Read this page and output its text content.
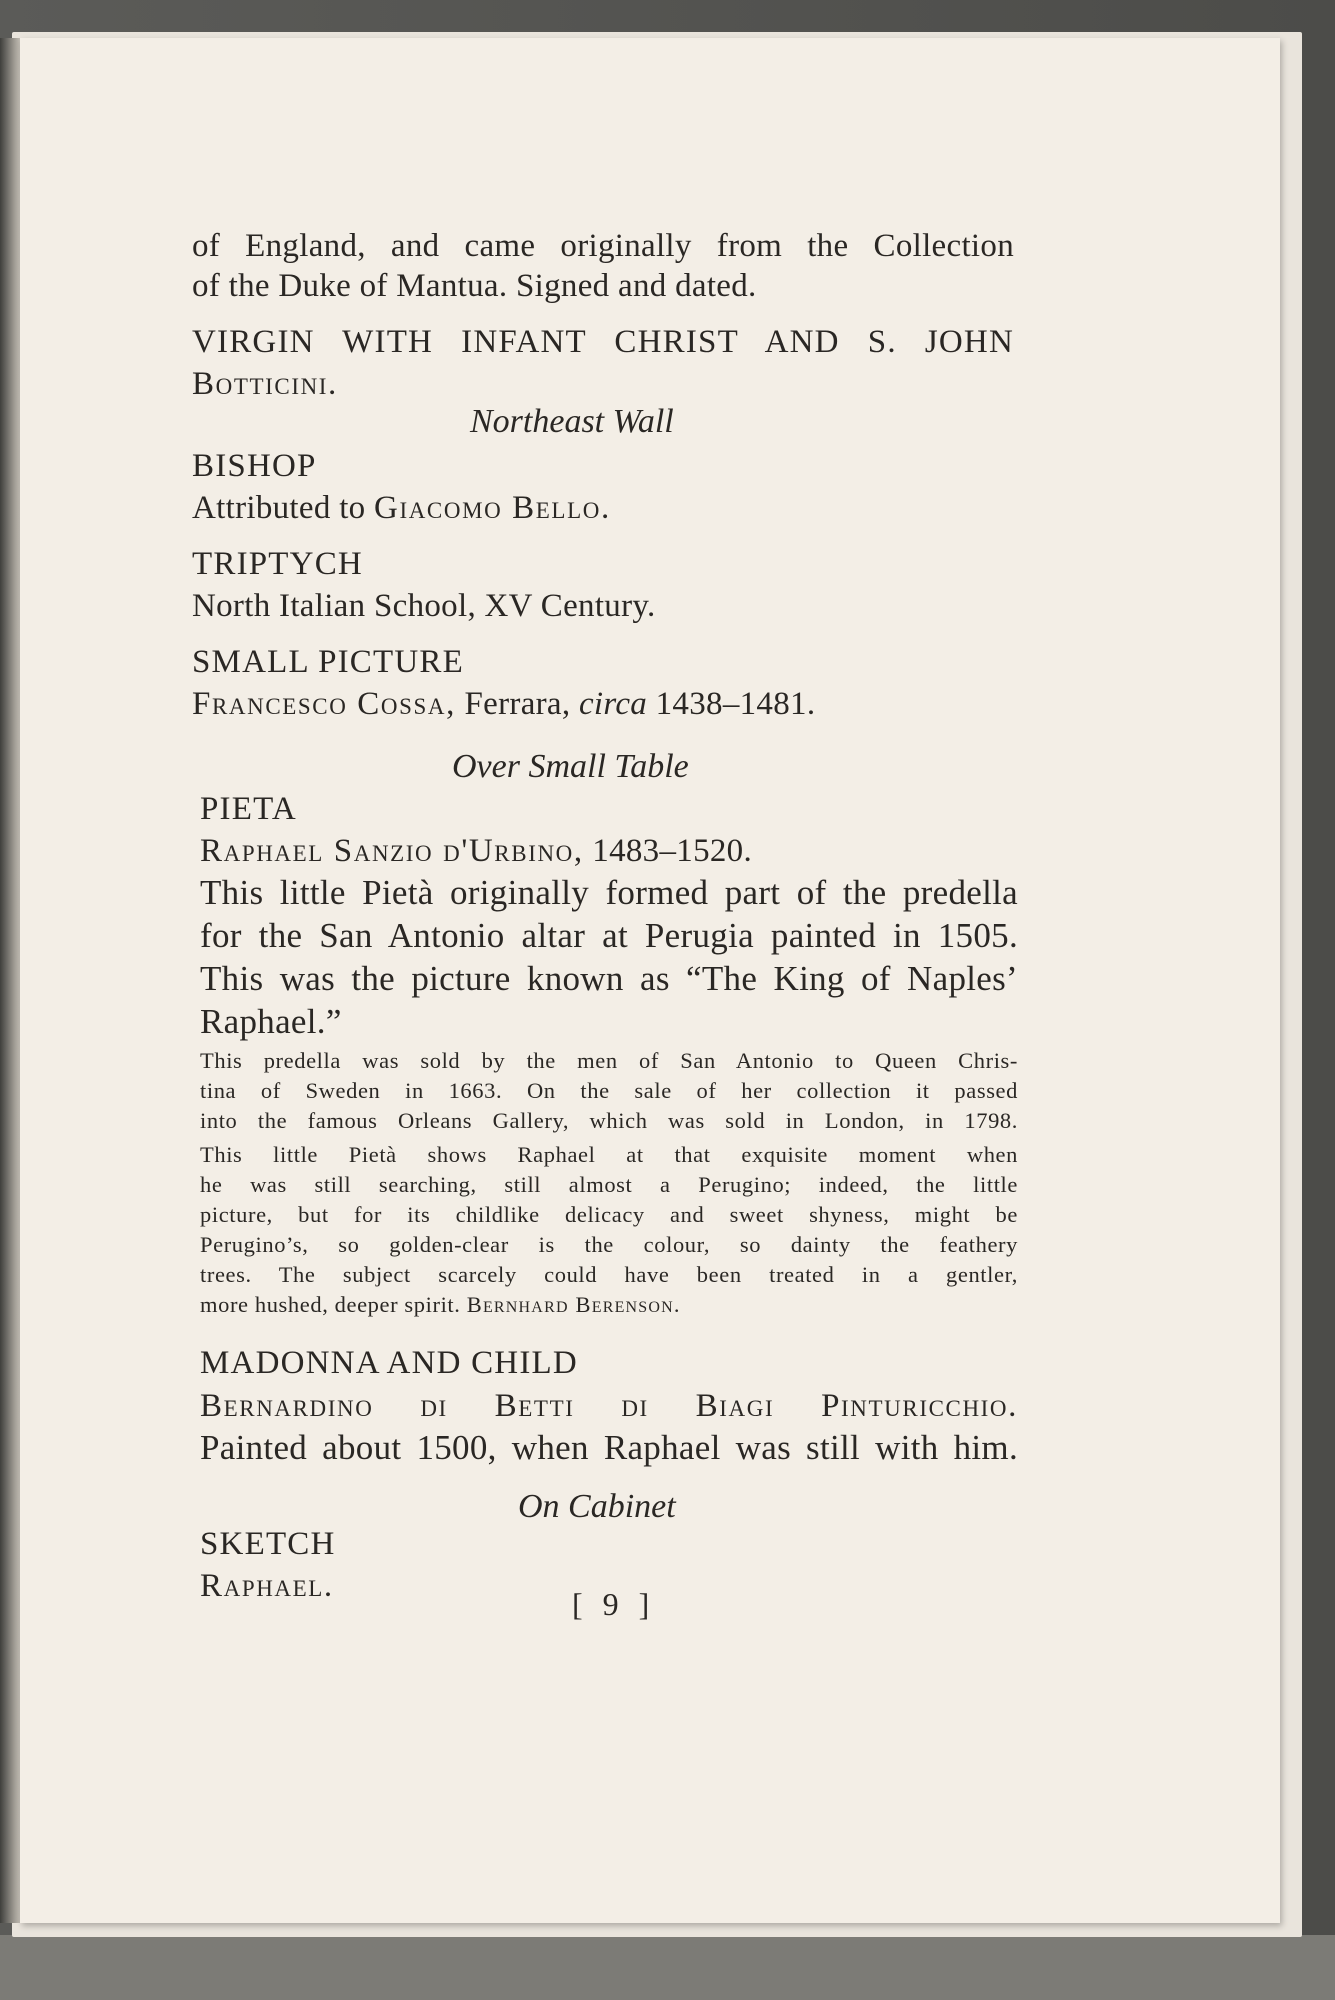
of England, and came originally from the Collection
of the Duke of Mantua. Signed and dated.
VIRGIN WITH INFANT CHRIST AND S. JOHN
Botticini.
Northeast Wall
BISHOP
Attributed to Giacomo Bello.
TRIPTYCH
North Italian School, XV Century.
SMALL PICTURE
Francesco Cossa, Ferrara, circa 1438–1481.
Over Small Table
PIETA
Raphael Sanzio d'Urbino, 1483–1520.
This little Pietà originally formed part of the predella
for the San Antonio altar at Perugia painted in 1505.
This was the picture known as “The King of Naples’
Raphael.”
This predella was sold by the men of San Antonio to Queen Chris-
tina of Sweden in 1663. On the sale of her collection it passed
into the famous Orleans Gallery, which was sold in London, in 1798.
This little Pietà shows Raphael at that exquisite moment when
he was still searching, still almost a Perugino; indeed, the little
picture, but for its childlike delicacy and sweet shyness, might be
Perugino’s, so golden-clear is the colour, so dainty the feathery
trees. The subject scarcely could have been treated in a gentler,
more hushed, deeper spirit. Bernhard Berenson.
MADONNA AND CHILD
Bernardino di Betti di Biagi Pinturicchio.
Painted about 1500, when Raphael was still with him.
On Cabinet
SKETCH
Raphael.	[ 9 ]
